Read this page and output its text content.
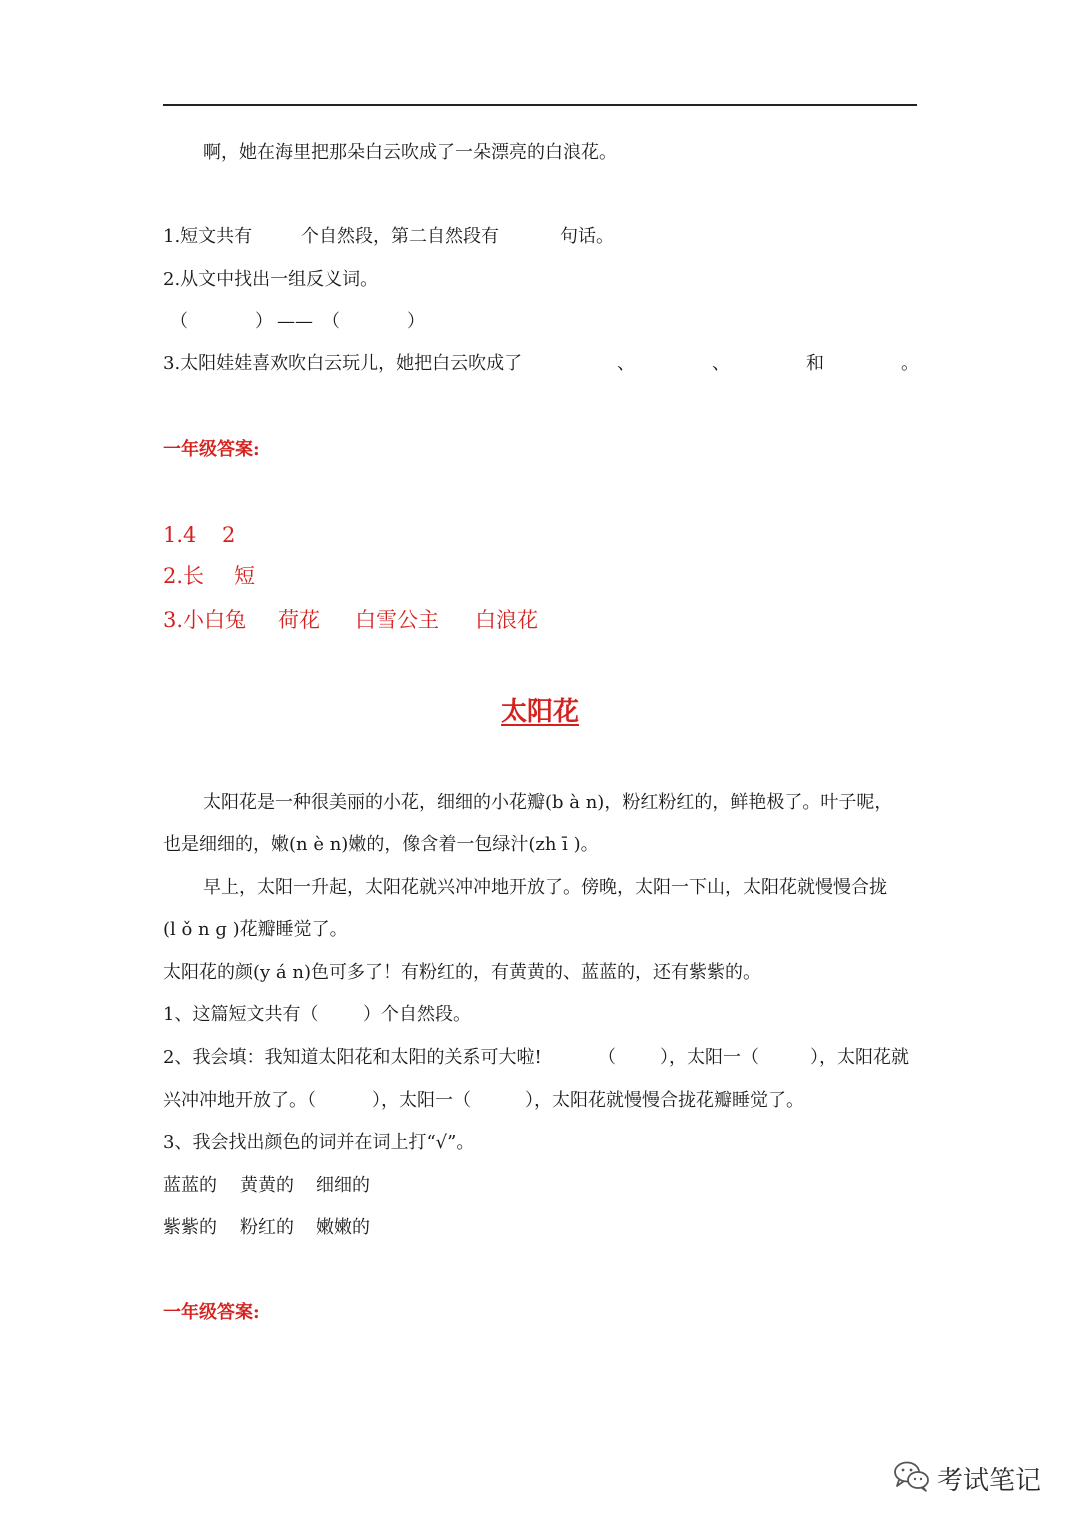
啊，她在海里把那朵白云吹成了一朵漂亮的白浪花。
1.短文共有	个自然段，第二自然段有	句话。
2.从文中找出一组反义词。
（	） —— （	）
3.太阳娃娃喜欢吹白云玩儿，她把白云吹成了	、	、	和	。
一年级答案:
1.4 2
2.长 短
3.小白兔 荷花 白雪公主 白浪花
太阳花
太阳花是一种很美丽的小花，细细的小花瓣(b à n)，粉红粉红的，鲜艳极了。叶子呢，
也是细细的，嫩(n è n)嫩的，像含着一包绿汁(zh ī )。
早上，太阳一升起，太阳花就兴冲冲地开放了。傍晚，太阳一下山，太阳花就慢慢合拢
(l ǒ n ɡ )花瓣睡觉了。
太阳花的颜(y á n)色可多了！有粉红的，有黄黄的、蓝蓝的，还有紫紫的。
1、这篇短文共有（ ）个自然段。
2、我会填：我知道太阳花和太阳的关系可大啦!	（ ），太阳一（	），太阳花就
兴冲冲地开放了。（	），太阳一（	），太阳花就慢慢合拢花瓣睡觉了。
3、我会找出颜色的词并在词上打“√”。
蓝蓝的 黄黄的 细细的
紫紫的 粉红的 嫩嫩的
一年级答案:
考试笔记
